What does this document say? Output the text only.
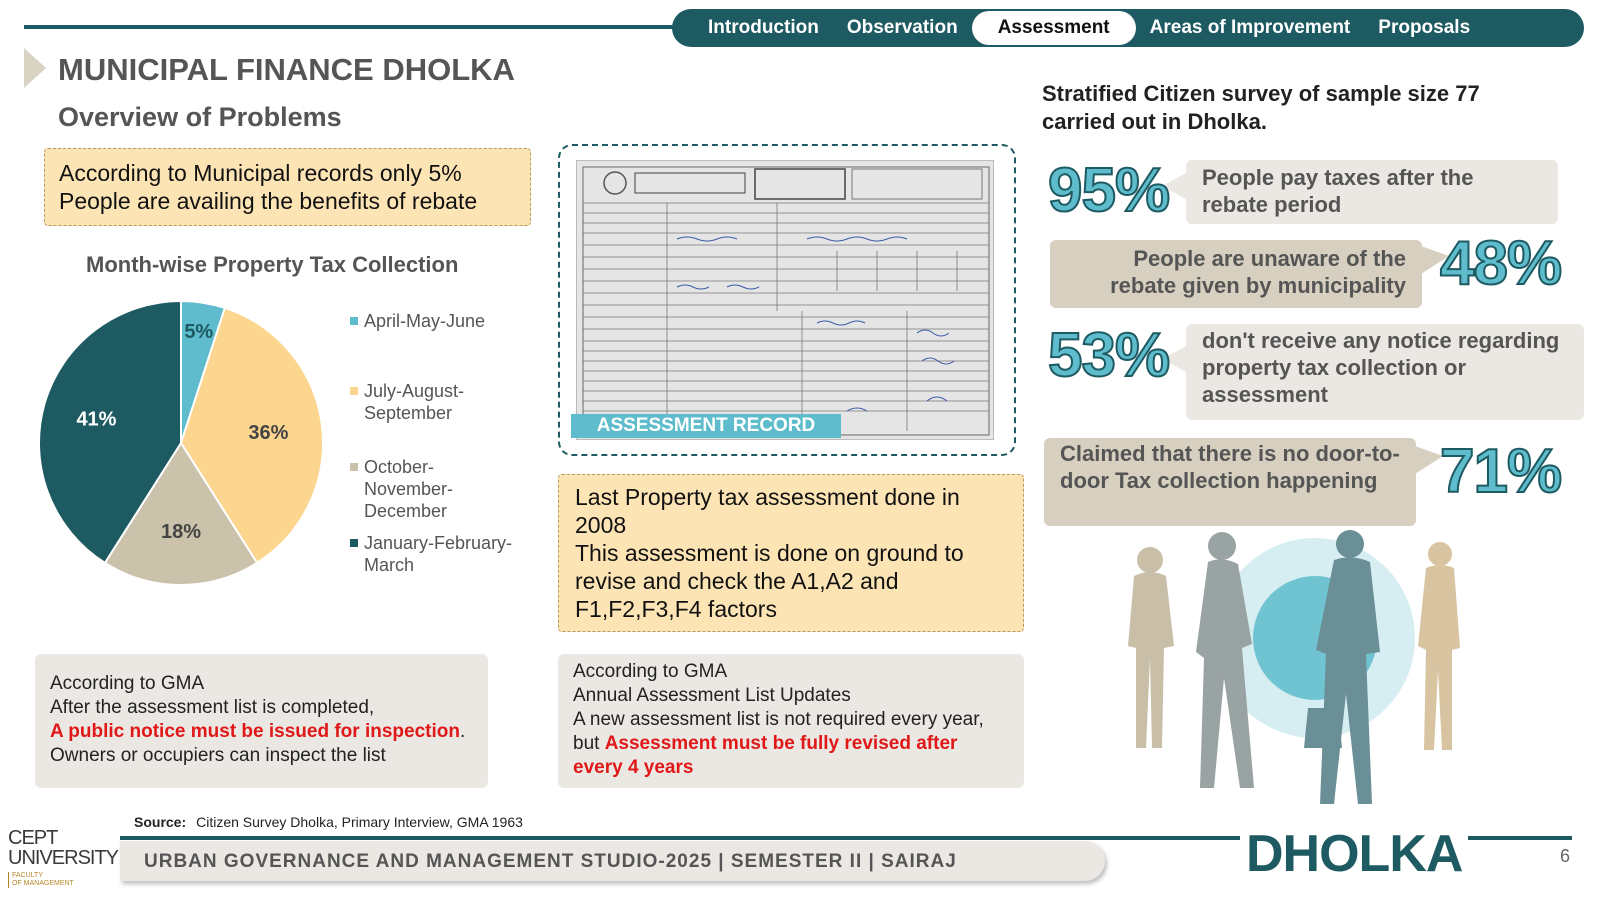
Introduction	Observation	Assessment	Areas of Improvement	Proposals
MUNICIPAL FINANCE DHOLKA
Overview of Problems
According to Municipal records only 5%
People are availing the benefits of rebate
Month-wise Property Tax Collection
5%
36%
18%
41%
April-May-June
July-August-
September
October-
November-
December
January-February-
March
According to GMA
After the assessment list is completed,
A public notice must be issued for inspection.
Owners or occupiers can inspect the list
ASSESSMENT RECORD
Last Property tax assessment done in 2008
This assessment is done on ground to revise and check the A1,A2 and F1,F2,F3,F4 factors
According to GMA
Annual Assessment List Updates
A new assessment list is not required every year,
but Assessment must be fully revised after every 4 years
Stratified Citizen survey of sample size 77 carried out in Dholka.
People pay taxes after the rebate period
95%
People are unaware of the rebate given by municipality 48%
don't receive any notice regarding property tax collection or assessment
53%
Claimed that there is no door-to-door Tax collection happening	71%
Source: Citizen Survey Dholka, Primary Interview, GMA 1963
CEPT
UNIVERSITY
FACULTY
OF MANAGEMENT
URBAN GOVERNANCE AND MANAGEMENT STUDIO-2025 | SEMESTER II | SAIRAJ	DHOLKA	6
